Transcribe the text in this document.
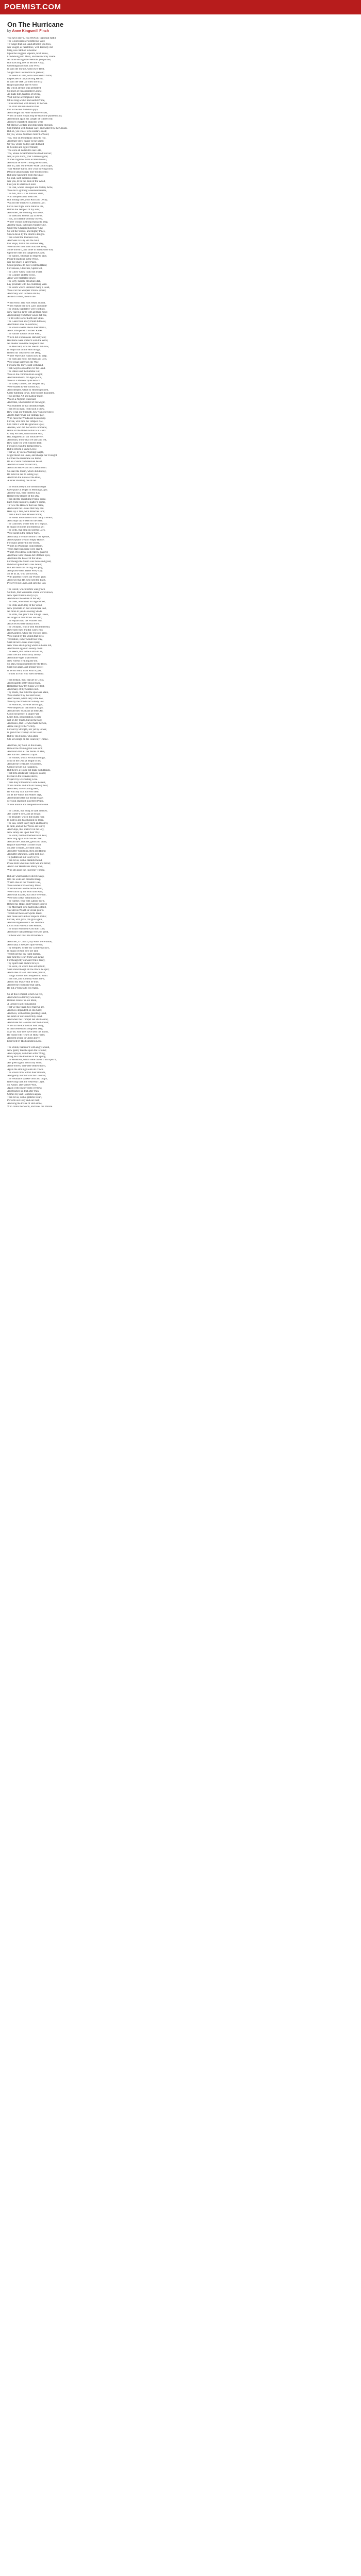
POEMIST.COM
On The Hurricane
by Anne Kingsmill Finch
You have obey'd, you WINDS, that must fulfill
The Great Disposer's righteous Will;
Th' Angel that our Land afflicted you flew,
Nor sought, as heretofore, with Friendly Aid
Only, new Motion to bestow
Upon the sluggish Vapours, bred below,
Condensing into Mists, and melancholy Shade.
No more such gentle Methods you pursue,
But marching now in terrible Array,
Undistinguish'd was your Prey:
In vain the Shrubs, with lowly Bent,
Sought their Destruction to prevent;
The Beech in vain, with out-stretch'd Arms,
Deprecates th' approaching Harms;
In vain the Oak (so often storm'd)
Risq'd upon that native Force,
By which already was perform'd
So much of his appointed Course,
As made him, fearless of Decay,
Wait but the accomplish'd Time
Of his long-wish'd and useful Prime,
To be removed, with Honor, to the Sea.
The strait and ornamental Pine
Did in the like Ambition joyn,
And thought his Fame should ever last,
When in some Royal Ship he stood the planted Mast;
And should again his Length of Timber rear,
And new engrafted Branches wear
Of fibrous Cordage and impending Shrouds,
Still trimm'd with human Care, and water'd by the Clouds.
But oh, you Trees! who solitary stood;
Or you, whose Numbers form'd a Wood;
You, who on Mountains chose to rise,
And there drew nearer to the Skies;
Or you, whom Valleys late did hold
In flexible and lighter Mould;
You were all destin'd to one Fate,
You, whose Great Patriarchs stood forever;
Nor, as you stood, your Grandees gone;
Whose Dignities were Scatter'd round,
And shall be strew'd along the Ground;
Not on, alas! our Feebler Work could scape,
Your Mother Earth, thro' your thriving form,
(Which unknowingly bore bold Storms;
But none has heard from Ages past
So loud, such laborious Blast,
Nor you, to be the Ruin of the Wood,
Fate you to a terrible Flood.
The Oak, whose strongest and Stately Arms,
Were but Lightning's deadliest Harms,
The Ash, that is The Nation's Stem,
With Tempests laid them low.
But finding thee, your Ruin and Decay,
Was not the Stroke of Common Day;
For in one Night were Nature's Ills,
Before the Tempest of thy Fills;
And when, the Morning Sun arose,
The stretched Forests lay in Rows.
Thus, as in Battle's bloody Sweep,
Where Troops in strong Ranks do heap,
And the Slain, in broken Numbers lie,
Under the Charging Enemies' Cry;
So fell the Woods, and mighty Pines,
Struck down by the Storm's designs.
Then whilst the Thunders roll,
And Seas in Fury vex the Soul,
Our Ships, that in the Harbour stay,
Were driven from their Anchors away;
Some drown'd, and some in Sands were lost,
Upon the rude and dangerous Coast;
The Sailors, who had no Hope to save,
Plung'd headlong in the Wave.
Nor the Shore, a safer Place,
Could promise to their wretched Race;
For Houses, Churches, Spires fell,
The Cities' Glory could not dwell.
The Country and the Town,
Alike were trampled down;
The lofty Turrets, Structures tall,
Lay prostrate with the crumbling Wall.
The Roofs which sheltered many a Head,
Were o'er the Sleepers' Pillow spread;
And many who in Peace did lie,
Awak'd in Ruin, then to die.
What Noise, alas! was Heard around,
When Nature her own Laws unbound?
The Winds, that lately were confin'd,
Now roar'd at large with all their Kind;
And rushing from their Caves did rise,
To fill with Horror Earth and Skies.
The Gales from every Point did blow,
And Waters rose to overflow;
The Rivers swell'd above their Banks,
And Cattle perish'd in their Ranks.
The Farmer lost his fertile Field,
Which did a bounteous Harvest yield;
His Barns were scatter'd with the Wind,
No Shelter could the Shepherd find.
The Merchant, who his Wealth did stow,
In Ships that on the Seas did go,
Beheld his Treasure in the Deep,
Where Waves his Riches now do keep.
The Rich and Poor, the High and Low,
Were equal sharers in the Woe;
For none the Fury could withstand,
That swept so dreadful o'er the Land.
The Palace and the humble Cot,
Were in the common Ruin caught;
And Monuments, for Ages plac'd,
Were in a Moment quite defac'd.
The stately Domes, the Temples fair,
Were shaken by the furious Air;
And Steeples, which to Heaven pointed,
Came tumbling down, their Stones disjointed.
Thus all that Art and Labour made,
Was in a Night in Ruin laid;
And Man, who boasted of his Might,
Was humbled in that dreadful Night.
Then let us learn, from such a Blow,
How weak our Strength, how vain our Show;
And to that Power our Homage pay,
Who rules the Winds and Seas alway.
For He, who bids the Tempest rise,
Can calm it with His gracious Eyes;
And He, who did the Storm command,
Holds all the Winds within His Hand.
O may we then, with humble Fear,
His Judgments in our Souls revere;
And learn, from what we saw and felt,
How justly He with Sinners dealt.
For not in vain the Tempest blew,
But to reform a sinful Crew;
That we, by such a Warning taught,
Might mend our Lives, and change our Thought.
Let then the Hurricane we fear'd,
Be as a Voice from Heaven heard;
And let us to our Maker turn,
And from His Wrath our Lesson learn.
So shall the Storm, which did destroy,
Be turn'd at last to lasting Joy;
And from the Ruins of the Blast,
A better Building rise at last.
The Winds obey'd; the dreadful Night
Gave place at length to Morning Light;
And the Sun, with cheerful Ray,
Restor'd the Beauty of the Day.
Then did the Trembling People come,
Each from his ruin'd, shatter'd Home,
To view the Havock that was made,
And count the Losses that they had.
Here lay a Tree, with Branches torn;
There a Roof from Houses borne;
The Fields were strew'd with many a Wreck,
And Ships lay broken on the Beck.
The Churches, where they us'd to pray,
In heaps of Stones and Rubbish lay;
The Bells, that rang on solemn Days,
Were silent in the broken Ways.
And many a Widow mourn'd her Spouse,
And Orphans wept in empty House;
For many perish'd in the Storm,
Whom no Physician could reform.
Yet in that Ruin some were spar'd,
Whom Providence with Mercy guard'd;
And these with Thanks did lift their Eyes,
And bless the Power of the Skies.
For though the Storm was fierce and great,
It did not quite their Lives defeat;
But left them still to sing and pray,
And praise their Maker every Day.
So let us all, who yet survive,
With grateful Hearts our Praises give;
And own that He, who sent the Blast,
Preserv'd our Lives, and saved at last.
The Forest, which before was grown
So thick, that Sunbeams scarce were known,
Now open'd lies to every Eye,
And shows the Azure of the Sky.
The Oaks, which had for Ages stood,
The Pride and Glory of the Wood,
Now prostrate on the Ground are laid,
No more to yield a cooling Shade.
The Elms, that grac'd the Village Green,
No longer in their Rows are seen;
The Poplars tall, the Willows low,
Alike receiv'd the deadly Blow.
The Orchards, which with Fruit did bend,
Have seen their fruitful Glory end;
And Gardens, where the Flowers grew,
Were ruin'd by the Winds that blew.
Yet Nature, in her wond'rous Way,
Shall all her Losses soon repay;
New Trees shall spring where old ones fell,
And Woods again in Beauty dwell.
The Seeds, that in the Earth do lie,
Shall rise and flourish by and by;
And future Ages shall behold
New Forests rivalling the old.
So Man, though humbled by the Blow,
Shall rise again, and prosper grow;
If he but learn, from what is past,
To trust in Him who rules the Blast.
Then Britain, thou that art so Great,
And boasteth of thy Naval State,
Remember how thy Ships were tost,
And many of thy Seamen lost.
Thy Fleets, that rul'd the spacious Main,
Were shatter'd by the Hurricane;
And Vessels, which defy'd the Foe,
Were by the Winds laid wholly low.
The Admirals, of Fame and Might,
Were helpless in that fearful Night;
And all their Skill and all their Art,
Could not protect a single Part.
Learn then, proud Nation, to rely
Not on thy Fleets, but on the Sky;
And know, that He who made the Sea,
Alone can give the Victory.
For not by Strength, nor yet by Power,
Is gain'd the Triumph of the Hour;
But by His Favour, who alone
Sits Sovereign on the Heavenly Throne.
And thou, my Soul, in this Event,
Behold the Warning that was sent;
And learn that all the Works of Man,
Are but the Labour of a Span.
The Houses, which we build so high,
Must in the Dust at length to lie;
And all the Treasures we possess,
Cannot secure our Happiness.
But there's a House not made with Hands,
That firm amidst all Tempests stands;
Eternal in the Heavens above,
Prepar'd by Everlasting Love.
There may'st thou find a safe Retreat,
When Storms on Earth do fiercely beat;
And there, in everlasting Rest,
Be with thy God for ever blest.
So let the Winds and Waters rage,
And threaten this our mortal Stage;
My Soul shall rest in perfect Peace,
Where Storms and Tempests ever cease.
The Clouds, that hung so dark and low,
Are scatter'd now, and all do go;
The Thunder, which did loudly roar,
Is hush'd, and heard along no more.
The Sea, which lately rag'd and foam'd,
Is calm, and all the Waves are tam'd;
And Ships, that shelter'd in the Bay,
Now safely sail upon their Way.
The Birds, that hid themselves in Fear,
Now sing again with Voices clear;
And all the Creatures, great and small,
Rejoice that Peace is come to all.
So after Trouble, Joy doth come,
And after Wand'ring, Rest and Home;
And after Darkness, Light doth rise,
To gladden all our weary Eyes.
Then let us, with a thankful Mind,
Praise Him who rules both Sea and Wind;
And in our Hearts His Mercy own,
Who sits upon the Heavenly Throne.
But ah! what Numbers did it sweep,
Into the wide and dreadful Deep;
What Cities in the Western Isles,
Were wasted o'er so many Miles;
What Harvests on the fertile Plain,
Were ruin'd by the Wind and Rain;
And what Estates, that once were fair,
Were lost in that tumultuous Air!
The Farmer, who with Labour toil'd,
Beheld his Hopes and Produce spoil'd;
The Merchant, who had Riches stor'd,
Saw all his Wealth in Ocean pour'd.
Yet let not these our Spirits break,
Nor cause our Faith or Hope to shake;
For He, who gave, can give again,
And recompense our Loss and Pain.
Let us with Patience then endure,
The Trials which our God doth cure;
And know that all things work for good,
To those who trust His Providence.
And thou, O Church, thy Walls were shook,
And many a Steeple's Spire broke;
Thy Temples, where thy Children pray'd,
In heaps of Ruin now are laid.
Yet let not this thy Faith dismay,
Nor turn thy Heart from God away;
For though thy outward Walls decay,
Thy Spirit shall endure for aye.
The Rock, on which thou art upbuilt,
Shall stand though all the World be spilt;
And Gates of Hell shall ne'er prevail,
Though Storms and Tempests do assail.
Then rise, and build thy Walls anew,
And to thy Maker still be true;
And let the Hurricane that came,
Be but a Witness to His Name.
So let this Tempest, which we felt,
And which so terribly was dealt,
Remain forever in our Mind,
A Lesson to all Humankind.
That we may learn how frail we are,
And how dependent on His Care;
And how, without His guarding Hand,
No Work of ours can firmly stand.
And when the Trumpet last shall sound,
And shake the Heavens and the Ground;
When all the Earth shall melt away,
In that tremendous Judgment Day;
May we, who now have seen the Storm,
Be found with Hearts of Holy Form;
And rest secure in Christ above,
Encircled by His boundless Love.
The Winds, that roar'd with angry Sound,
Now gently breathe upon the Ground;
And Zephyrs, with their softer Wing,
Bring back the Promise of the Spring.
The Meadows, which were drown'd and spoil'd,
Are green again, and richly soil'd;
And Flowers, that were beaten down,
Again the smiling Fields do crown.
The Rivers flow within their Bounds,
And gently murmur o'er the Grounds;
The Fountains sparkle clear and bright,
Reflecting back the Heavenly Light.
So Nature, after all her Woe,
Again with Beauty doth o'erflow;
And teaches us, that after Pain,
Comes Joy and Happiness again.
Then let us, with a grateful Heart,
Perform our Duty and our Part;
And sing the Praise of Him alone,
Who calms the Storm, and rules the Throne.
